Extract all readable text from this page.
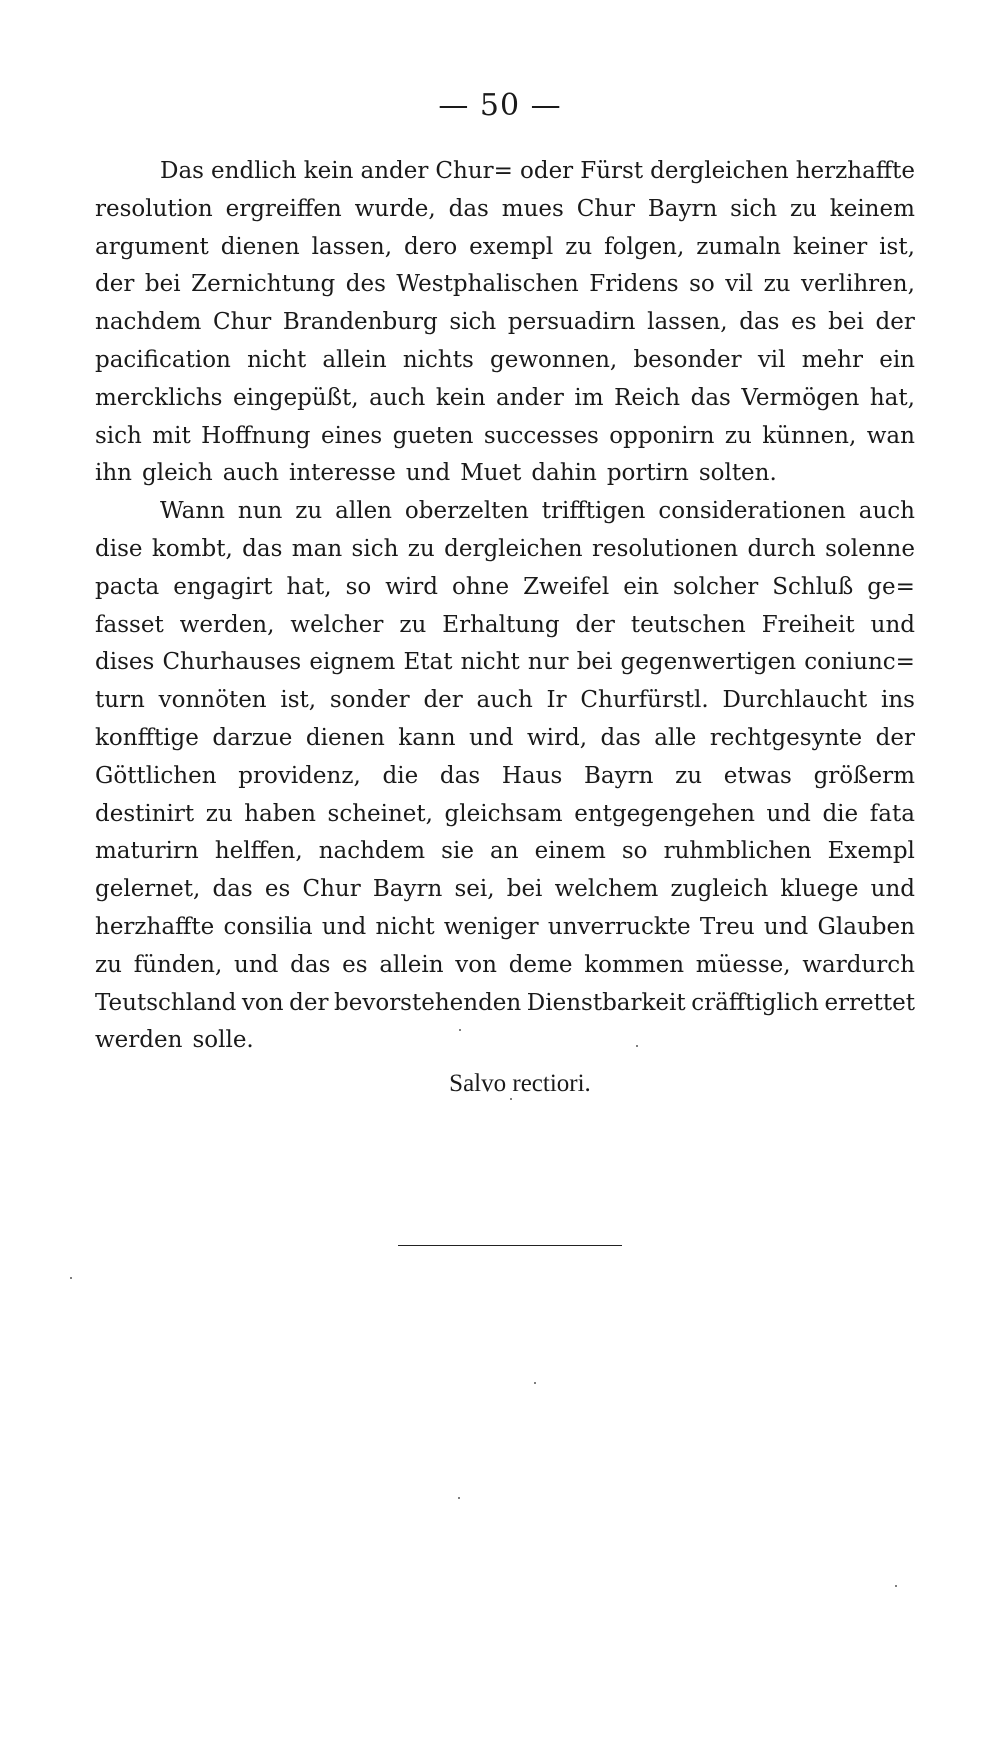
— 50 —
Das endlich kein ander Chur= oder Fürst dergleichen herzhaffte
resolution ergreiffen wurde, das mues Chur Bayrn sich zu keinem
argument dienen lassen, dero exempl zu folgen, zumaln keiner ist,
der bei Zernichtung des Westphalischen Fridens so vil zu verlihren,
nachdem Chur Brandenburg sich persuadirn lassen, das es bei der
pacification nicht allein nichts gewonnen, besonder vil mehr ein
mercklichs eingepüßt, auch kein ander im Reich das Vermögen hat,
sich mit Hoffnung eines gueten successes opponirn zu künnen, wan
ihn gleich auch interesse und Muet dahin portirn solten.
Wann nun zu allen oberzelten trifftigen considerationen auch
dise kombt, das man sich zu dergleichen resolutionen durch solenne
pacta engagirt hat, so wird ohne Zweifel ein solcher Schluß ge=
fasset werden, welcher zu Erhaltung der teutschen Freiheit und
dises Churhauses eignem Etat nicht nur bei gegenwertigen coniunc=
turn vonnöten ist, sonder der auch Ir Churfürstl. Durchlaucht ins
konfftige darzue dienen kann und wird, das alle rechtgesynte der
Göttlichen providenz, die das Haus Bayrn zu etwas größerm
destinirt zu haben scheinet, gleichsam entgegengehen und die fata
maturirn helffen, nachdem sie an einem so ruhmblichen Exempl
gelernet, das es Chur Bayrn sei, bei welchem zugleich kluege und
herzhaffte consilia und nicht weniger unverruckte Treu und Glauben
zu fünden, und das es allein von deme kommen müesse, wardurch
Teutschland von der bevorstehenden Dienstbarkeit cräfftiglich errettet
werden solle.
Salvo rectiori.
